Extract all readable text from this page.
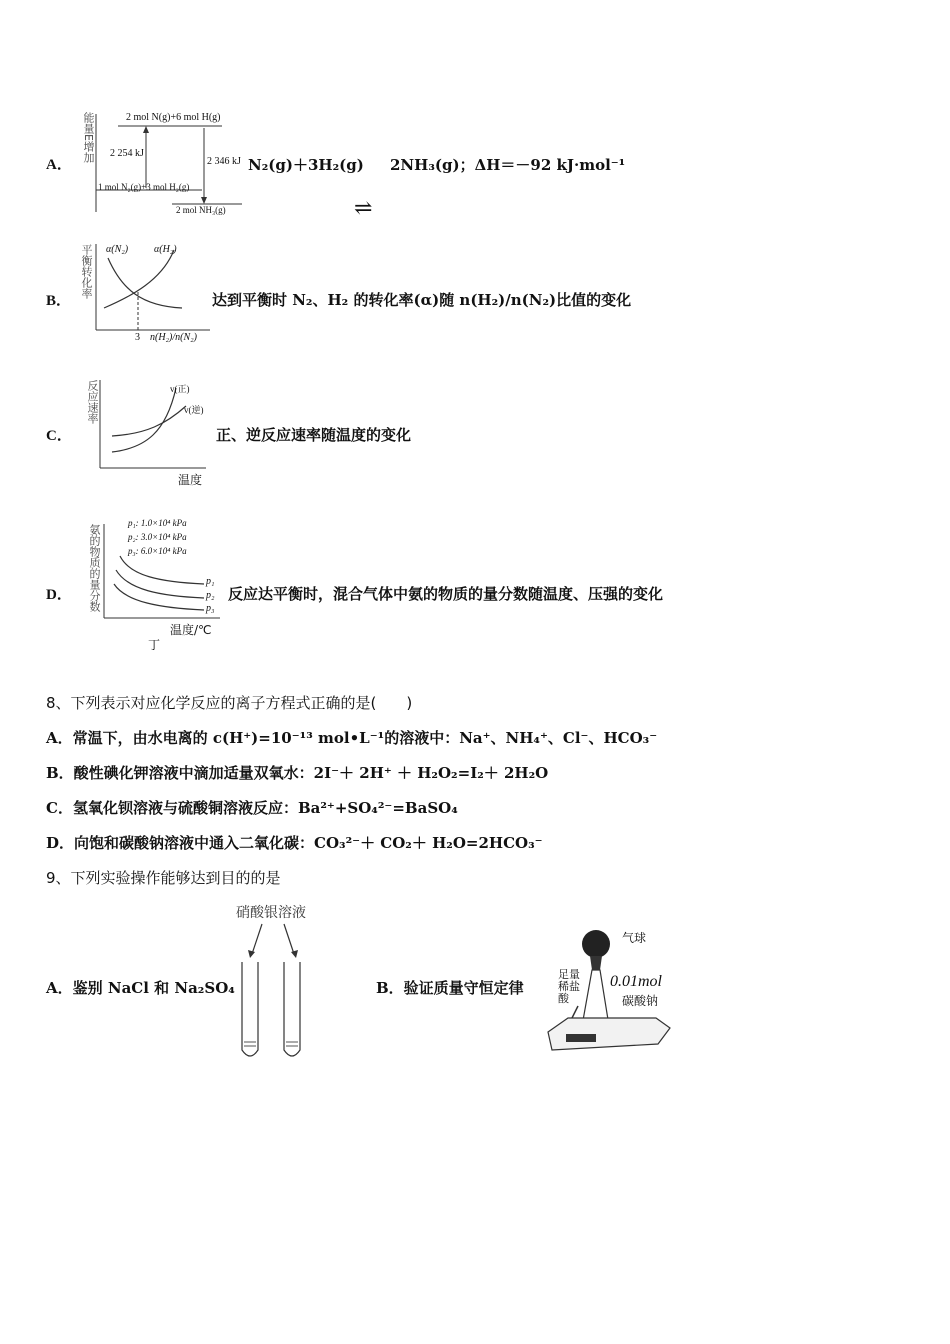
A．
能量E增加	2 mol N(g)+6 mol H(g)
2 254 kJ
2 346 kJ
1 mol N₂(g)+3 mol H₂(g)
2 mol NH₃(g)
N₂(g)＋3H₂(g) 2NH₃(g)；ΔH＝－92 kJ·mol⁻¹
⇌
B．
平衡转化率 α(N₂)	α(H₂)
3 n(H₂)/n(N₂)
达到平衡时 N₂、H₂ 的转化率(α)随 n(H₂)/n(N₂)比值的变化
C．
反应速率	v(正)
v(逆)
温度
正、逆反应速率随温度的变化
D． 氨的物质的量分数
p₁: 1.0×10⁴ kPa
p₂: 3.0×10⁴ kPa
p₃: 6.0×10⁴ kPa
p₁
p₂
p₃
温度/℃
丁
反应达平衡时，混合气体中氨的物质的量分数随温度、压强的变化
8、下列表示对应化学反应的离子方程式正确的是(　　)
A．常温下，由水电离的 c(H⁺)=10⁻¹³ mol•L⁻¹的溶液中：Na⁺、NH₄⁺、Cl⁻、HCO₃⁻
B．酸性碘化钾溶液中滴加适量双氧水：2I⁻＋ 2H⁺ ＋ H₂O₂=I₂＋ 2H₂O
C．氢氧化钡溶液与硫酸铜溶液反应：Ba²⁺+SO₄²⁻=BaSO₄
D．向饱和碳酸钠溶液中通入二氧化碳：CO₃²⁻＋ CO₂＋ H₂O=2HCO₃⁻
9、下列实验操作能够达到目的的是
硝酸银溶液
A．鉴别 NaCl 和 Na₂SO₄	B．验证质量守恒定律
气球
足量稀盐酸
0.01mol
碳酸钠
